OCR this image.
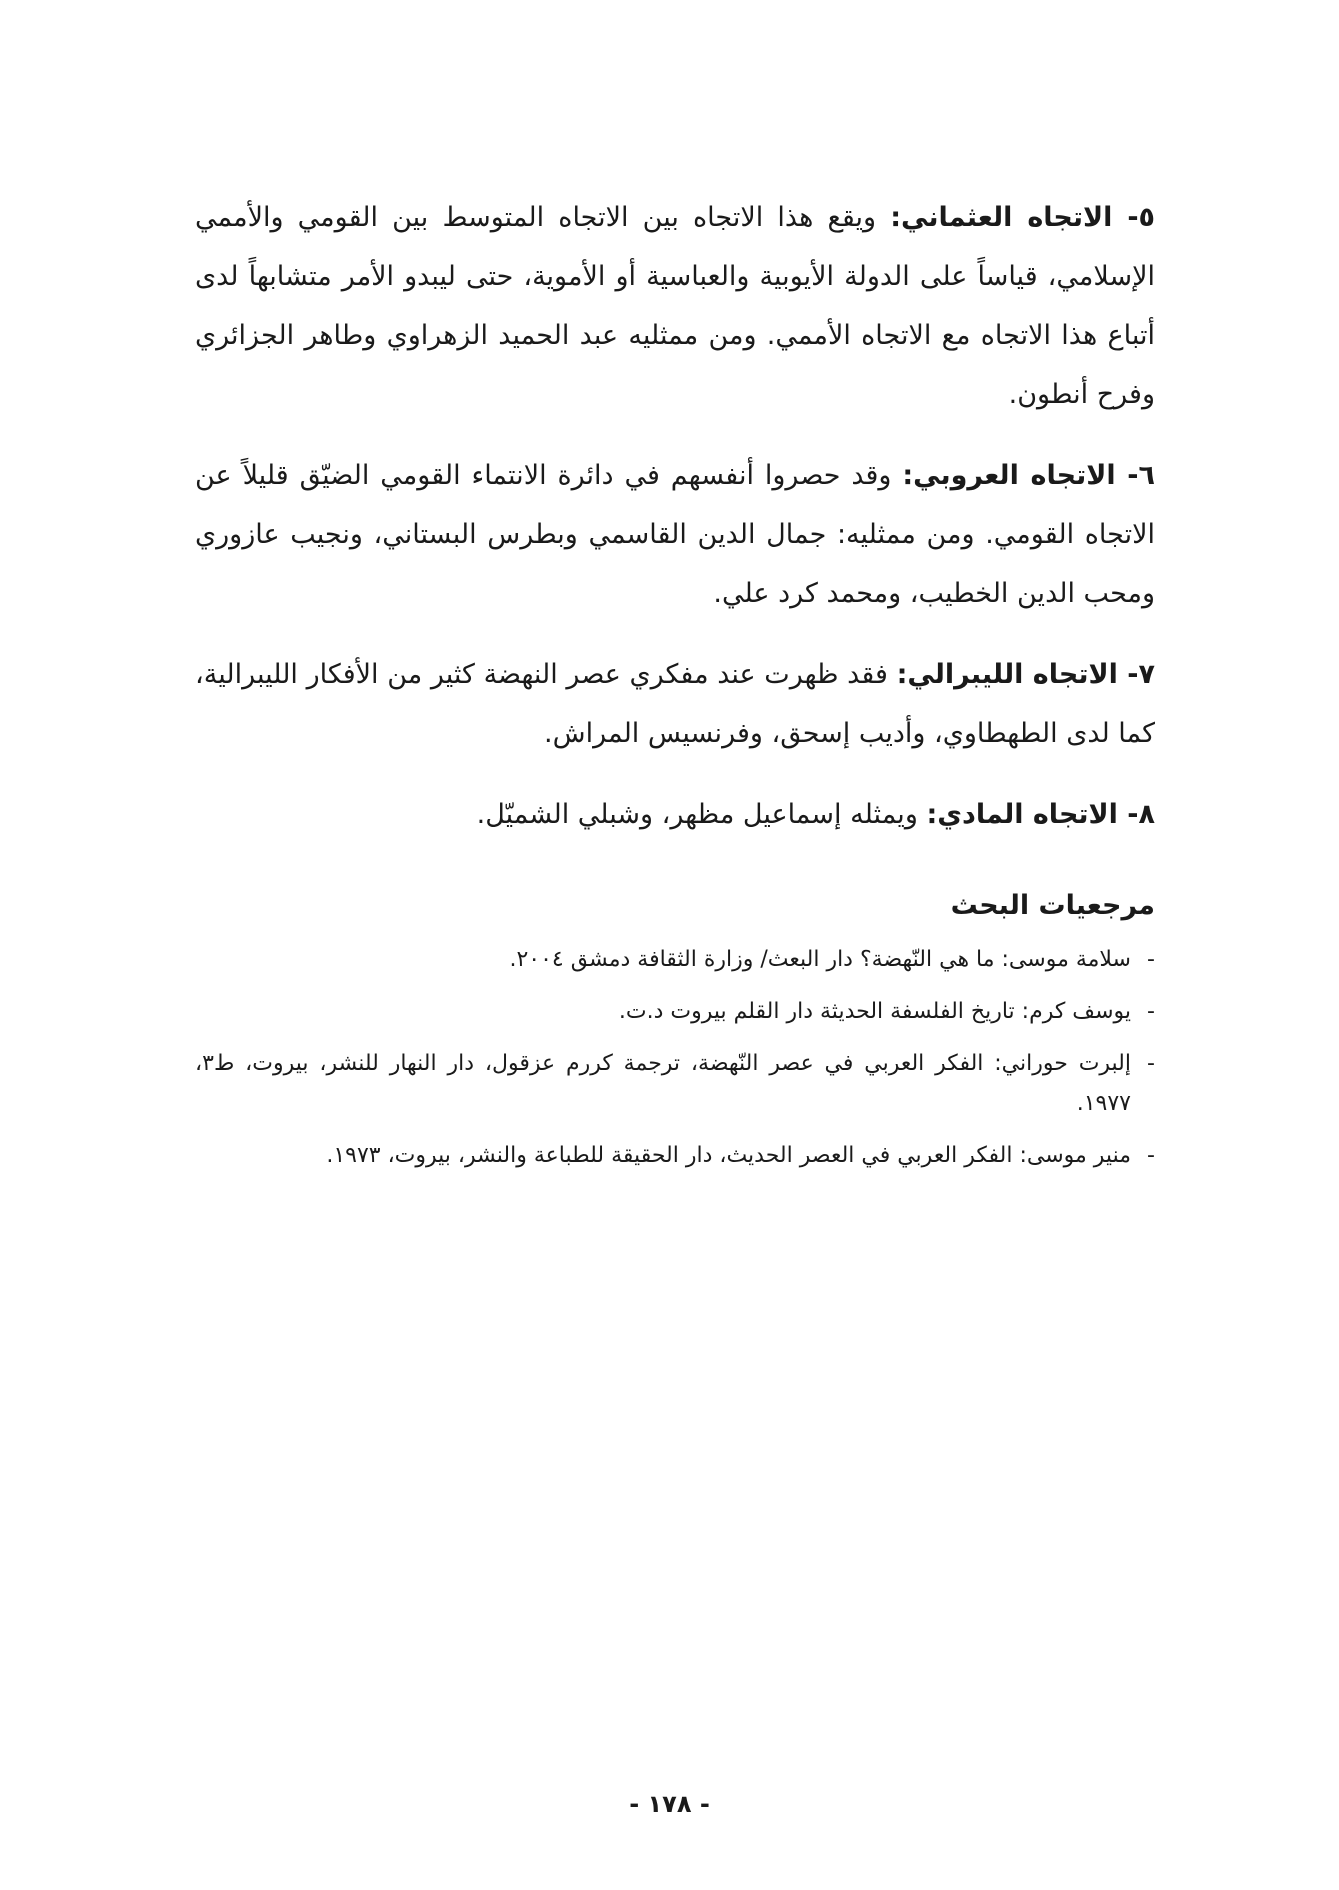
٥- الاتجاه العثماني: ويقع هذا الاتجاه بين الاتجاه المتوسط بين القومي والأممي الإسلامي، قياساً على الدولة الأيوبية والعباسية أو الأموية، حتى ليبدو الأمر متشابهاً لدى أتباع هذا الاتجاه مع الاتجاه الأممي. ومن ممثليه عبد الحميد الزهراوي وطاهر الجزائري وفرح أنطون.

٦- الاتجاه العروبي: وقد حصروا أنفسهم في دائرة الانتماء القومي الضيّق قليلاً عن الاتجاه القومي. ومن ممثليه: جمال الدين القاسمي وبطرس البستاني، ونجيب عازوري ومحب الدين الخطيب، ومحمد كرد علي.

٧- الاتجاه الليبرالي: فقد ظهرت عند مفكري عصر النهضة كثير من الأفكار الليبرالية، كما لدى الطهطاوي، وأديب إسحق، وفرنسيس المراش.

٨- الاتجاه المادي: ويمثله إسماعيل مظهر، وشبلي الشميّل.

مرجعيات البحث
-
سلامة موسى: ما هي النّهضة؟ دار البعث/ وزارة الثقافة دمشق ٢٠٠٤.
-
يوسف كرم: تاريخ الفلسفة الحديثة دار القلم بيروت د.ت.
-
إلبرت حوراني: الفكر العربي في عصر النّهضة، ترجمة كررم عزقول، دار النهار للنشر، بيروت، ط٣، ١٩٧٧.
-
منير موسى: الفكر العربي في العصر الحديث، دار الحقيقة للطباعة والنشر، بيروت، ١٩٧٣.
- ١٧٨ -
